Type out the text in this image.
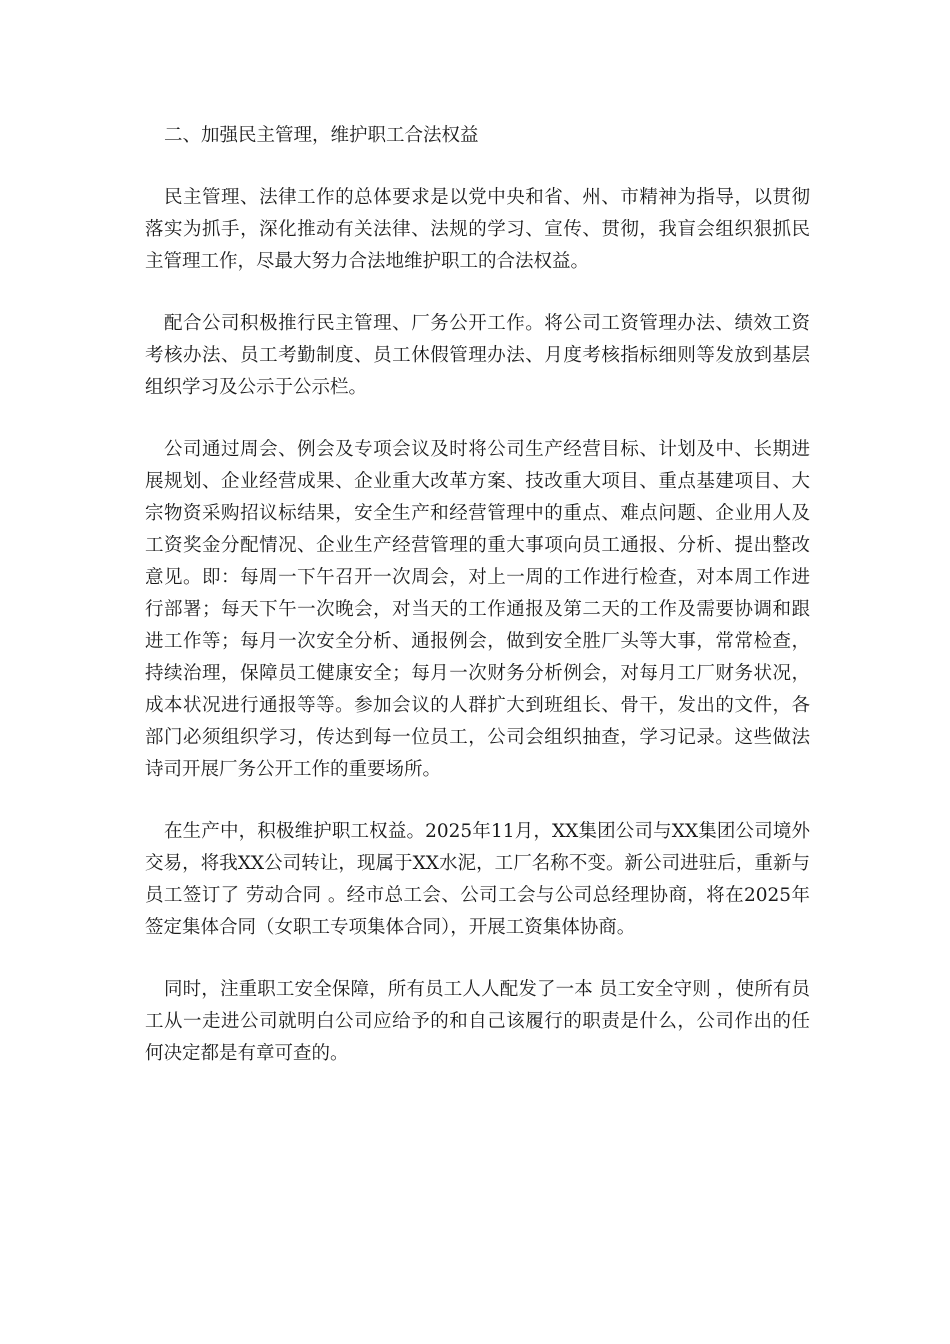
二、加强民主管理，维护职工合法权益

民主管理、法律工作的总体要求是以党中央和省、州、市精神为指导，以贯彻落实为抓手，深化推动有关法律、法规的学习、宣传、贯彻，我盲会组织狠抓民主管理工作，尽最大努力合法地维护职工的合法权益。

配合公司积极推行民主管理、厂务公开工作。将公司工资管理办法、绩效工资考核办法、员工考勤制度、员工休假管理办法、月度考核指标细则等发放到基层组织学习及公示于公示栏。

公司通过周会、例会及专项会议及时将公司生产经营目标、计划及中、长期进展规划、企业经营成果、企业重大改革方案、技改重大项目、重点基建项目、大宗物资采购招议标结果，安全生产和经营管理中的重点、难点问题、企业用人及工资奖金分配情况、企业生产经营管理的重大事项向员工通报、分析、提出整改意见。即：每周一下午召开一次周会，对上一周的工作进行检查，对本周工作进行部署；每天下午一次晚会，对当天的工作通报及第二天的工作及需要协调和跟进工作等；每月一次安全分析、通报例会，做到安全胜厂头等大事，常常检查，持续治理，保障员工健康安全；每月一次财务分析例会，对每月工厂财务状况，成本状况进行通报等等。参加会议的人群扩大到班组长、骨干，发出的文件，各部门必须组织学习，传达到每一位员工，公司会组织抽查，学习记录。这些做法诗司开展厂务公开工作的重要场所。

在生产中，积极维护职工权益。2025年11月，XX集团公司与XX集团公司境外交易，将我XX公司转让，现属于XX水泥，工厂名称不变。新公司进驻后，重新与员工签订了 劳动合同 。经市总工会、公司工会与公司总经理协商，将在2025年签定集体合同（女职工专项集体合同），开展工资集体协商。

同时，注重职工安全保障，所有员工人人配发了一本 员工安全守则 ，使所有员工从一走进公司就明白公司应给予的和自己该履行的职责是什么，公司作出的任何决定都是有章可查的。
